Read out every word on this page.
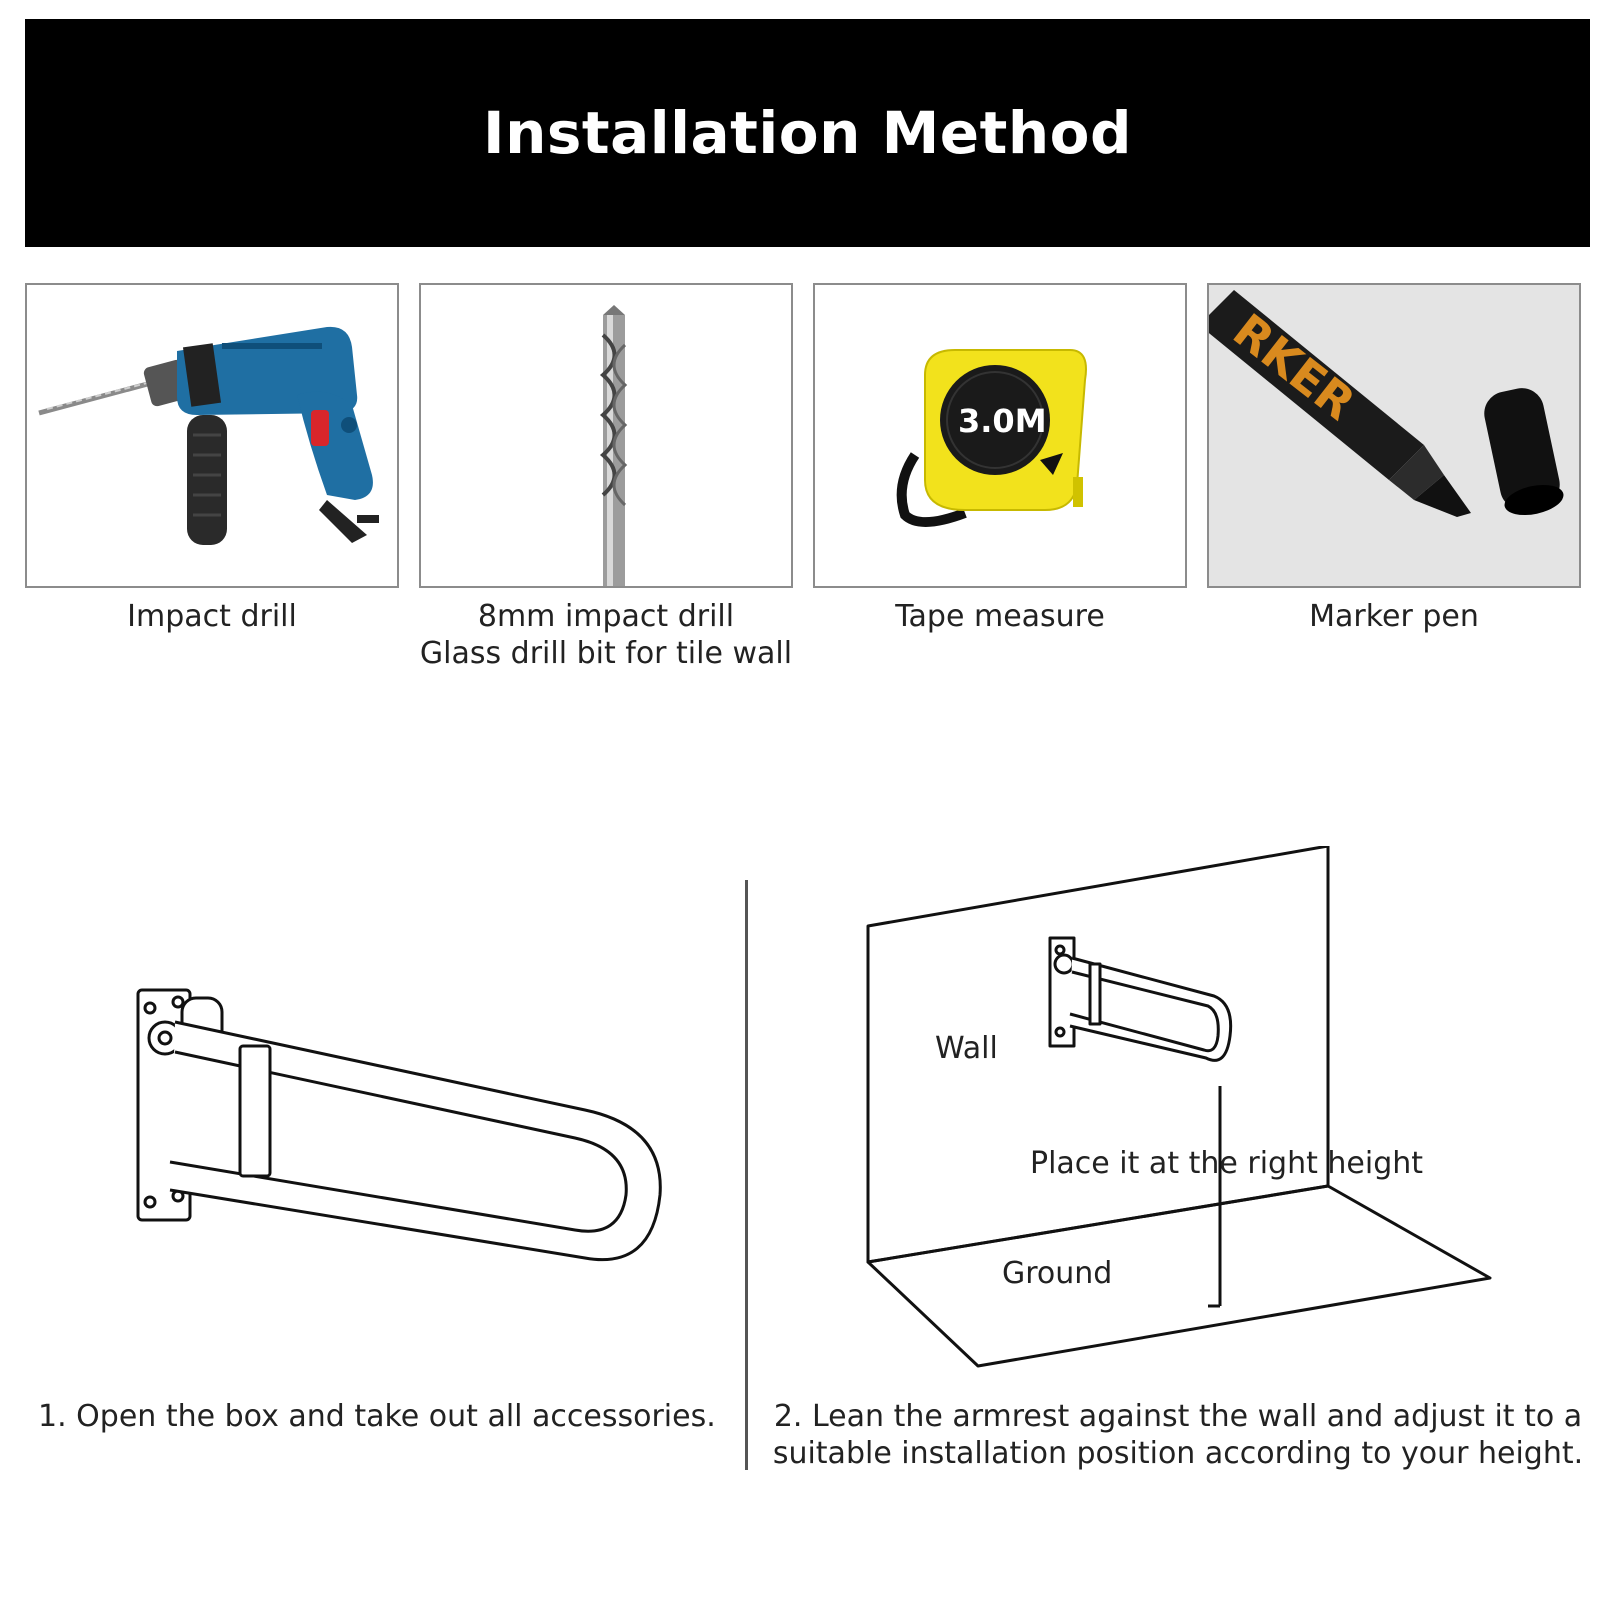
Installation Method
Impact drill	8mm impact drill
Glass drill bit for tile wall
3.0M
Tape measure
RKER
Marker pen
Wall
Place it at the right height
Ground
1. Open the box and take out all accessories.	2. Lean the armrest against the wall and adjust it to a suitable installation position according to your height.
